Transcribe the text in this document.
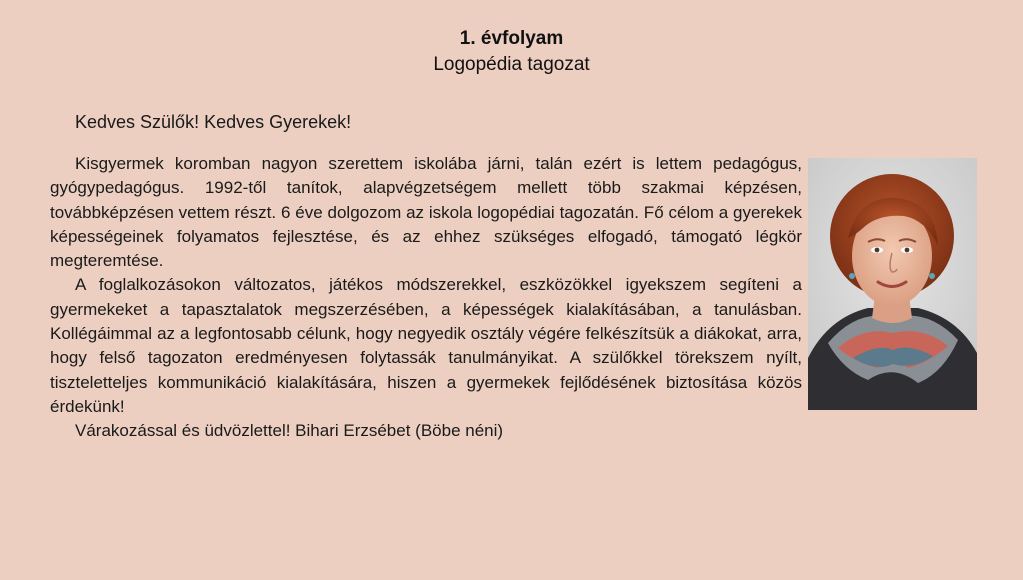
1. évfolyam
Logopédia tagozat
Kedves Szülők! Kedves Gyerekek!

Kisgyermek koromban nagyon szerettem iskolába járni, talán ezért is lettem pedagógus, gyógypedagógus. 1992-től tanítok, alapvégzetségem mellett több szakmai képzésen, továbbképzésen vettem részt. 6 éve dolgozom az iskola logopédiai tagozatán. Fő célom a gyerekek képességeinek folyamatos fejlesztése, és az ehhez szükséges elfogadó, támogató légkör megteremtése.

A foglalkozásokon változatos, játékos módszerekkel, eszközökkel igyekszem segíteni a gyermekeket a tapasztalatok megszerzésében, a képességek kialakításában, a tanulásban. Kollégáimmal az a legfontosabb célunk, hogy negyedik osztály végére felkészítsük a diákokat, arra, hogy felső tagozaton eredményesen folytassák tanulmányikat. A szülőkkel törekszem nyílt, tiszteletteljes kommunikáció kialakítására, hiszen a gyermekek fejlődésének biztosítása közös érdekünk!

Várakozással és üdvözlettel! Bihari Erzsébet (Böbe néni)
